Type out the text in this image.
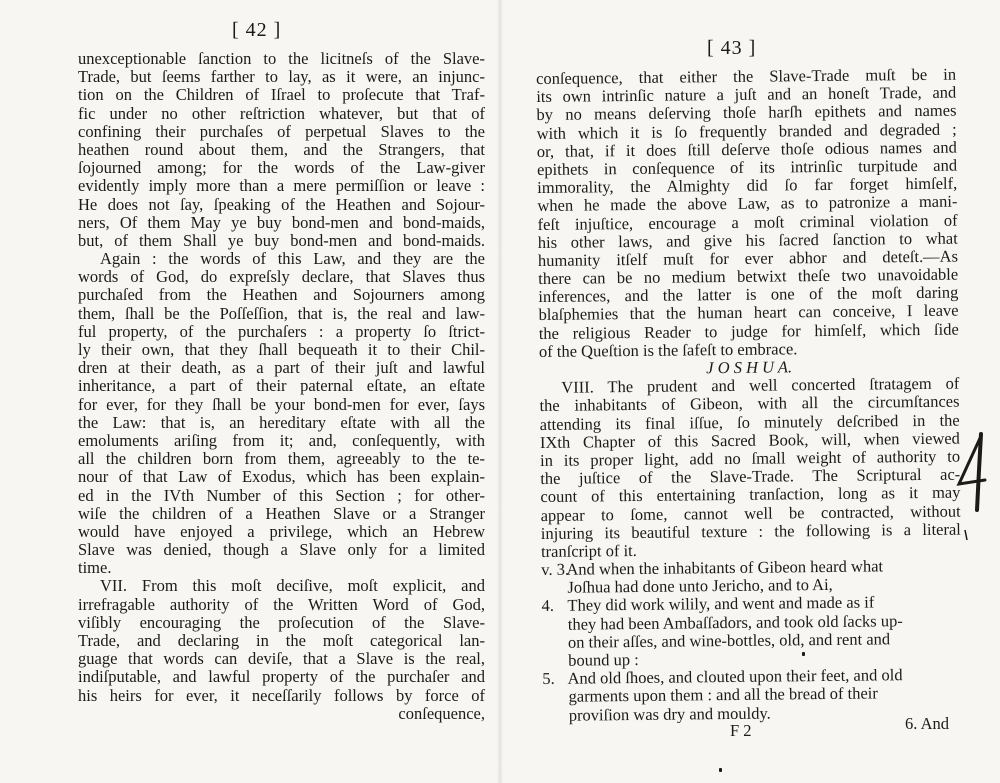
[ 42 ]
unexceptionable ſanction to the licitneſs of the Slave-
Trade, but ſeems farther to lay, as it were, an injunc-
tion on the Children of Iſrael to proſecute that Traf-
fic under no other reſtriction whatever, but that of
confining their purchaſes of perpetual Slaves to the
heathen round about them, and the Strangers, that
ſojourned among; for the words of the Law-giver
evidently imply more than a mere permiſſion or leave :
He does not ſay, ſpeaking of the Heathen and Sojour-
ners, Of them May ye buy bond-men and bond-maids,
but, of them Shall ye buy bond-men and bond-maids.
Again : the words of this Law, and they are the
words of God, do expreſsly declare, that Slaves thus
purchaſed from the Heathen and Sojourners among
them, ſhall be the Poſſeſſion, that is, the real and law-
ful property, of the purchaſers : a property ſo ſtrict-
ly their own, that they ſhall bequeath it to their Chil-
dren at their death, as a part of their juſt and lawful
inheritance, a part of their paternal eſtate, an eſtate
for ever, for they ſhall be your bond-men for ever, ſays
the Law: that is, an hereditary eſtate with all the
emoluments ariſing from it; and, conſequently, with
all the children born from them, agreeably to the te-
nour of that Law of Exodus, which has been explain-
ed in the IVth Number of this Section ; for other-
wiſe the children of a Heathen Slave or a Stranger
would have enjoyed a privilege, which an Hebrew
Slave was denied, though a Slave only for a limited
time.
VII. From this moſt deciſive, moſt explicit, and
irrefragable authority of the Written Word of God,
viſibly encouraging the proſecution of the Slave-
Trade, and declaring in the moſt categorical lan-
guage that words can deviſe, that a Slave is the real,
indiſputable, and lawful property of the purchaſer and
his heirs for ever, it neceſſarily follows by force of
conſequence,
[ 43 ]
conſequence, that either the Slave-Trade muſt be in
its own intrinſic nature a juſt and an honeſt Trade, and
by no means deſerving thoſe harſh epithets and names
with which it is ſo frequently branded and degraded ;
or, that, if it does ſtill deſerve thoſe odious names and
epithets in conſequence of its intrinſic turpitude and
immorality, the Almighty did ſo far forget himſelf,
when he made the above Law, as to patronize a mani-
feſt injuſtice, encourage a moſt criminal violation of
his other laws, and give his ſacred ſanction to what
humanity itſelf muſt for ever abhor and deteſt.—As
there can be no medium betwixt theſe two unavoidable
inferences, and the latter is one of the moſt daring
blaſphemies that the human heart can conceive, I leave
the religious Reader to judge for himſelf, which ſide
of the Queſtion is the ſafeſt to embrace.
J O S H U A.
VIII. The prudent and well concerted ſtratagem of
the inhabitants of Gibeon, with all the circumſtances
attending its final iſſue, ſo minutely deſcribed in the
IXth Chapter of this Sacred Book, will, when viewed
in its proper light, add no ſmall weight of authority to
the juſtice of the Slave-Trade. The Scriptural ac-
count of this entertaining tranſaction, long as it may
appear to ſome, cannot well be contracted, without
injuring its beautiful texture : the following is a literal
tranſcript of it.
v. 3. And when the inhabitants of Gibeon heard what
Joſhua had done unto Jericho, and to Ai,
4. They did work wilily, and went and made as if
they had been Ambaſſadors, and took old ſacks up-
on their aſſes, and wine-bottles, old, and rent and
bound up :
5. And old ſhoes, and clouted upon their feet, and old
garments upon them : and all the bread of their
proviſion was dry and mouldy.
F 2	6. And
